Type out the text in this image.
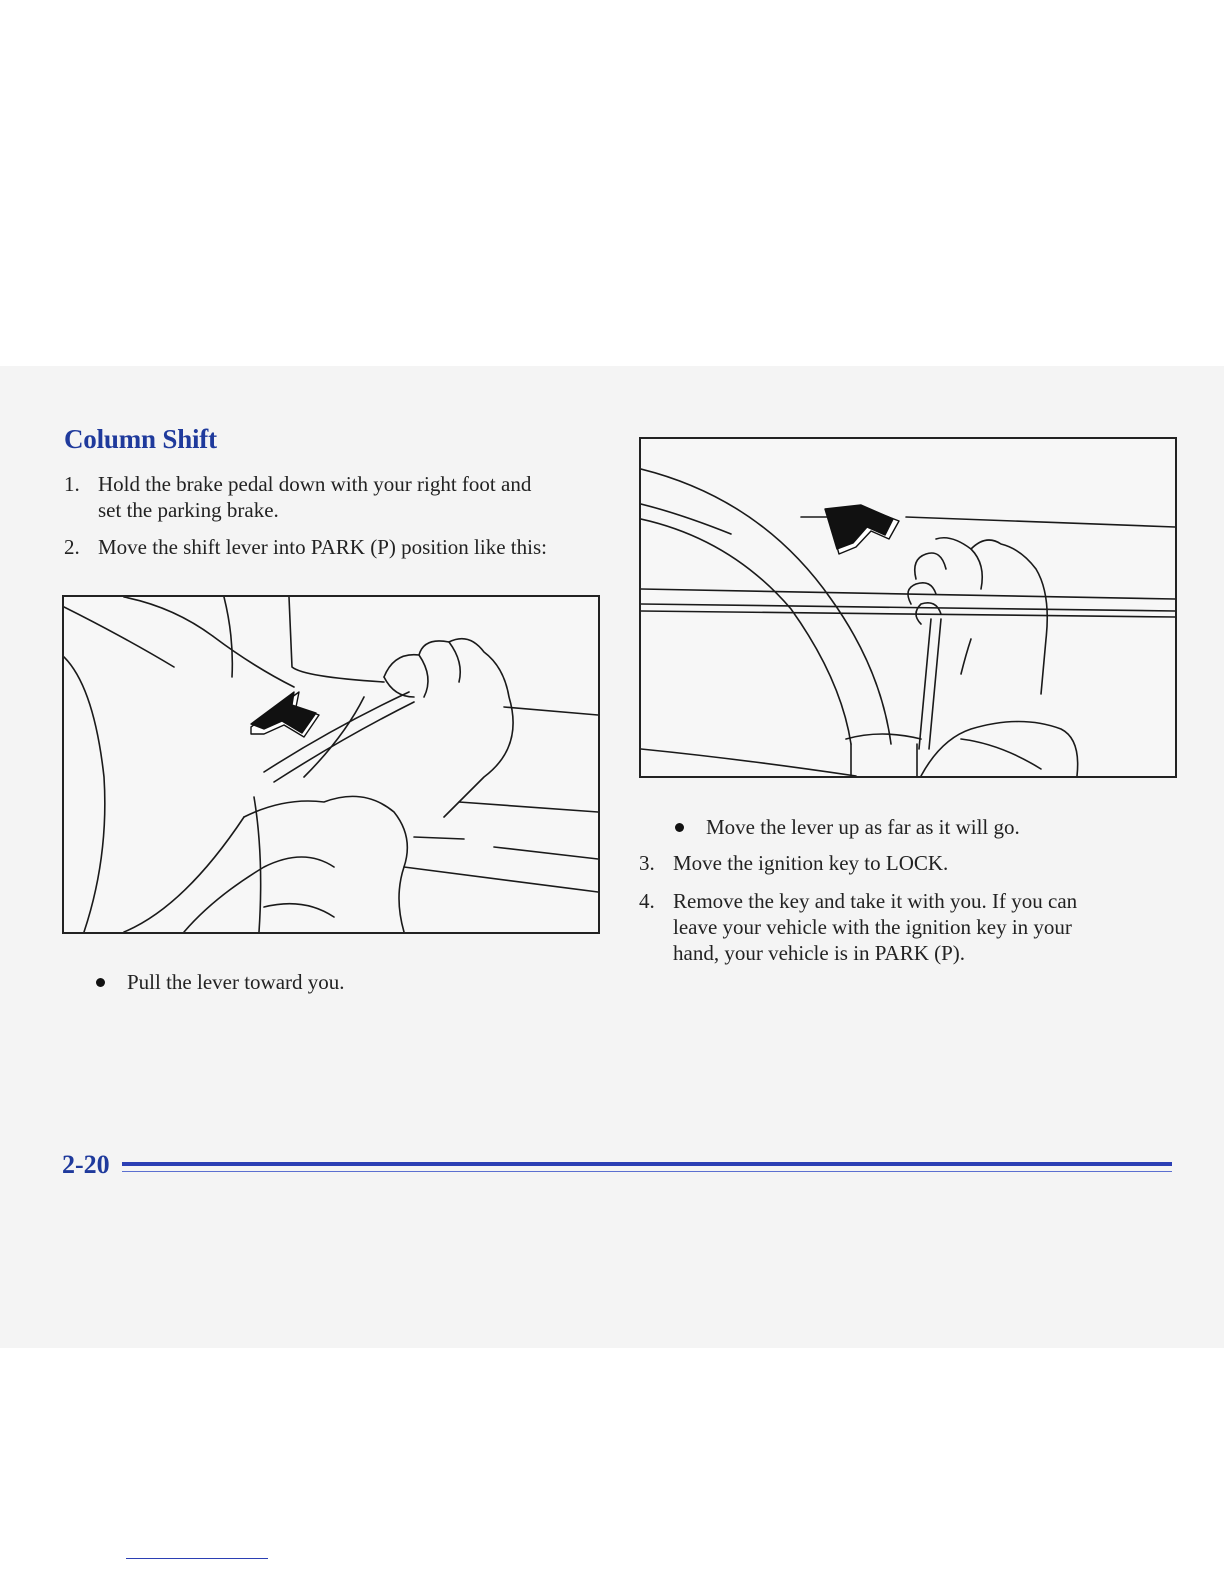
Column Shift
1. Hold the brake pedal down with your right foot and
set the parking brake.
2. Move the shift lever into PARK (P) position like this:
Pull the lever toward you.
Move the lever up as far as it will go.
3. Move the ignition key to LOCK.
4. Remove the key and take it with you. If you can
leave your vehicle with the ignition key in your
hand, your vehicle is in PARK (P).
2-20
